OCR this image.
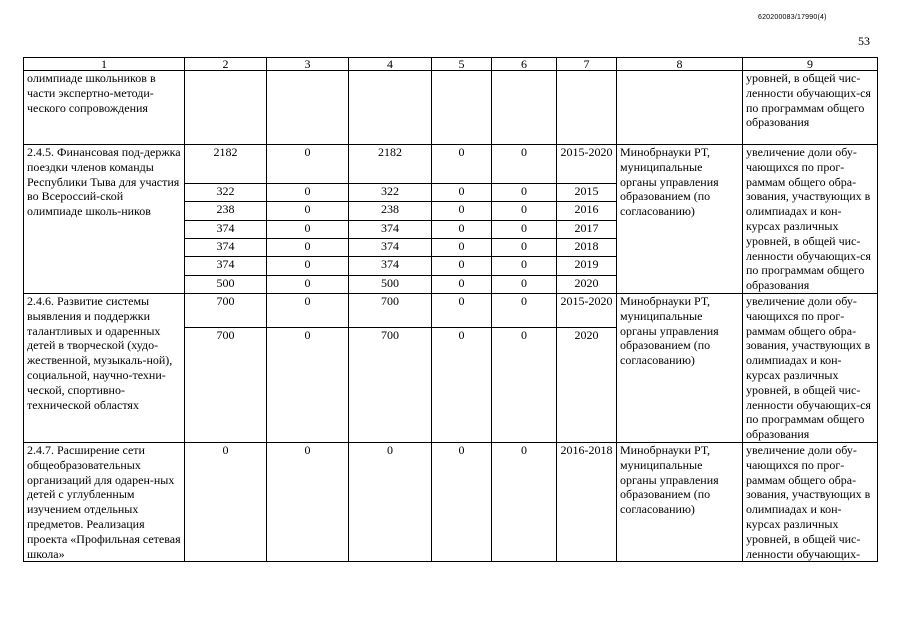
620200083/17990(4)
53
1	2	3	4	5	6	7	8	9
олимпиаде школьников в части экспертно-методи-ческого сопровождения								уровней, в общей чис-ленности обучающих-ся по программам общего образования
2.4.5. Финансовая под-держка поездки членов команды Республики Тыва для участия во Всероссий-ской олимпиаде школь-ников	2182	0	2182	0	0	2015-2020	Минобрнауки РТ, муниципальные органы управления образованием (по согласованию)	увеличение доли обу-чающихся по прог-раммам общего обра-зования, участвующих в олимпиадах и кон-курсах различных уровней, в общей чис-ленности обучающих-ся по программам общего образования
	322	0	322	0	0	2015		
	238	0	238	0	0	2016		
	374	0	374	0	0	2017		
	374	0	374	0	0	2018		
	374	0	374	0	0	2019		
	500	0	500	0	0	2020		
2.4.6. Развитие системы выявления и поддержки талантливых и одаренных детей в творческой (худо-жественной, музыкаль-ной), социальной, научно-техни-ческой, спортивно-технической областях	700	0	700	0	0	2015-2020	Минобрнауки РТ, муниципальные органы управления образованием (по согласованию)	увеличение доли обу-чающихся по прог-раммам общего обра-зования, участвующих в олимпиадах и кон-курсах различных уровней, в общей чис-ленности обучающих-ся по программам общего образования
	700	0	700	0	0	2020		
2.4.7. Расширение сети общеобразовательных организаций для одарен-ных детей с углубленным изучением отдельных предметов. Реализация проекта «Профильная сетевая школа»	0	0	0	0	0	2016-2018	Минобрнауки РТ, муниципальные органы управления образованием (по согласованию)	увеличение доли обу-чающихся по прог-раммам общего обра-зования, участвующих в олимпиадах и кон-курсах различных уровней, в общей чис-ленности обучающих-
